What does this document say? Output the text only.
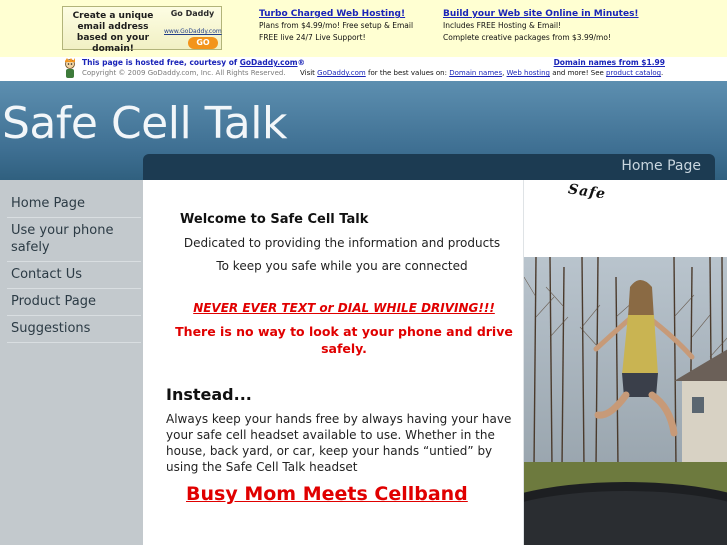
Create a unique email address based on your domain!
Go Daddy
www.GoDaddy.com
GO
Turbo Charged Web Hosting!
Plans from $4.99/mo! Free setup & Email
FREE live 24/7 Live Support!
Build your Web site Online in Minutes!
Includes FREE Hosting & Email!
Complete creative packages from $3.99/mo!
This page is hosted free, courtesy of GoDaddy.com®	Domain names from $1.99
Copyright © 2009 GoDaddy.com, Inc. All Rights Reserved. Visit GoDaddy.com for the best values on: Domain names, Web hosting and more! See product catalog.
Safe Cell Talk
Home Page
Home Page
Use your phone safely
Contact Us
Product Page
Suggestions
Welcome to Safe Cell Talk

Dedicated to providing the information and products

To keep you safe while you are connected

NEVER EVER TEXT or DIAL WHILE DRIVING!!!

There is no way to look at your phone and drive safely.

Instead...

Always keep your hands free by always having your have your safe cell headset available to use. Whether in the house, back yard, or car, keep your hands “untied” by using the Safe Cell Talk headset

Busy Mom Meets Cellband
Safe
